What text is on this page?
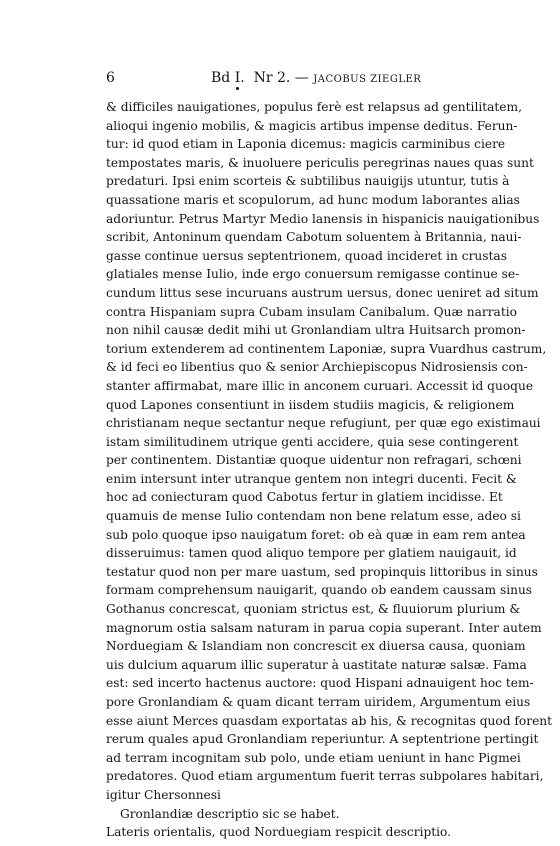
6	Bd I. Nr 2. — JACOBUS ZIEGLER
& difficiles nauigationes, populus ferè est relapsus ad gentilitatem,
alioqui ingenio mobilis, & magicis artibus impense deditus. Ferun-
tur: id quod etiam in Laponia dicemus: magicis carminibus ciere
tempostates maris, & inuoluere periculis peregrinas naues quas sunt
predaturi. Ipsi enim scorteis & subtilibus nauigijs utuntur, tutis à
quassatione maris et scopulorum, ad hunc modum laborantes alias
adoriuntur. Petrus Martyr Medio lanensis in hispanicis nauigationibus
scribit, Antoninum quendam Cabotum soluentem à Britannia, naui-
gasse continue uersus septentrionem, quoad incideret in crustas
glatiales mense Iulio, inde ergo conuersum remigasse continue se-
cundum littus sese incuruans austrum uersus, donec ueniret ad situm
contra Hispaniam supra Cubam insulam Canibalum. Quæ narratio
non nihil causæ dedit mihi ut Gronlandiam ultra Huitsarch promon-
torium extenderem ad continentem Laponiæ, supra Vuardhus castrum,
& id feci eo libentius quo & senior Archiepiscopus Nidrosiensis con-
stanter affirmabat, mare illic in anconem curuari. Accessit id quoque
quod Lapones consentiunt in iisdem studiis magicis, & religionem
christianam neque sectantur neque refugiunt, per quæ ego existimaui
istam similitudinem utrique genti accidere, quia sese contingerent
per continentem. Distantiæ quoque uidentur non refragari, schœni
enim intersunt inter utranque gentem non integri ducenti. Fecit &
hoc ad coniecturam quod Cabotus fertur in glatiem incidisse. Et
quamuis de mense Iulio contendam non bene relatum esse, adeo si
sub polo quoque ipso nauigatum foret: ob eà quæ in eam rem antea
disseruimus: tamen quod aliquo tempore per glatiem nauigauit, id
testatur quod non per mare uastum, sed propinquis littoribus in sinus
formam comprehensum nauigarit, quando ob eandem caussam sinus
Gothanus concrescat, quoniam strictus est, & fluuiorum plurium &
magnorum ostia salsam naturam in parua copia superant. Inter autem
Norduegiam & Islandiam non concrescit ex diuersa causa, quoniam
uis dulcium aquarum illic superatur à uastitate naturæ salsæ. Fama
est: sed incerto hactenus auctore: quod Hispani adnauigent hoc tem-
pore Gronlandiam & quam dicant terram uiridem, Argumentum eius
esse aiunt Merces quasdam exportatas ab his, & recognitas quod forent
rerum quales apud Gronlandiam reperiuntur. A septentrione pertingit
ad terram incognitam sub polo, unde etiam ueniunt in hanc Pigmei
predatores. Quod etiam argumentum fuerit terras subpolares habitari,
igitur Chersonnesi
Gronlandiæ descriptio sic se habet.
Lateris orientalis, quod Norduegiam respicit descriptio.
